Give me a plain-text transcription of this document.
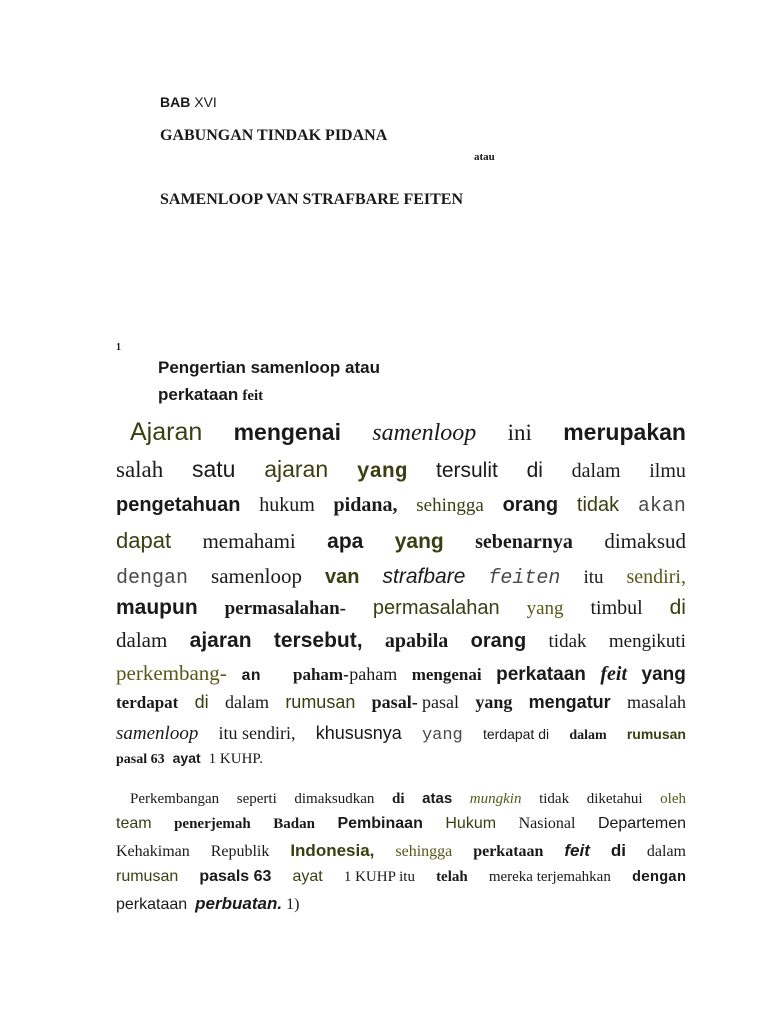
BAB XVI
GABUNGAN TINDAK PIDANA
atau
SAMENLOOP VAN STRAFBARE FEITEN
1
Pengertian samenloop atau
perkataan feit
Ajaran mengenai samenloop ini merupakan
salah satu ajaran yang tersulit di dalam ilmu
pengetahuan hukum pidana, sehingga orang tidak akan
dapat memahami apa yang sebenarnya dimaksud
dengan samenloop van strafbare feiten itu sendiri,
maupun permasalahan- permasalahan yang timbul di
dalam ajaran tersebut, apabila orang tidak mengikuti
perkembang- an paham- paham mengenai perkataan feit yang
terdapat di dalam rumusan pasal- pasal yang mengatur masalah
samenloop itu sendiri, khususnya yang terdapat di dalam rumusan
pasal 63 ayat 1 KUHP.
Perkembangan seperti dimaksudkan di atas mungkin tidak diketahui oleh
team penerjemah Badan Pembinaan Hukum Nasional Departemen
Kehakiman Republik Indonesia, sehingga perkataan feit di dalam
rumusan pasals 63 ayat 1 KUHP itu telah mereka terjemahkan dengan
perkataan perbuatan. 1)
